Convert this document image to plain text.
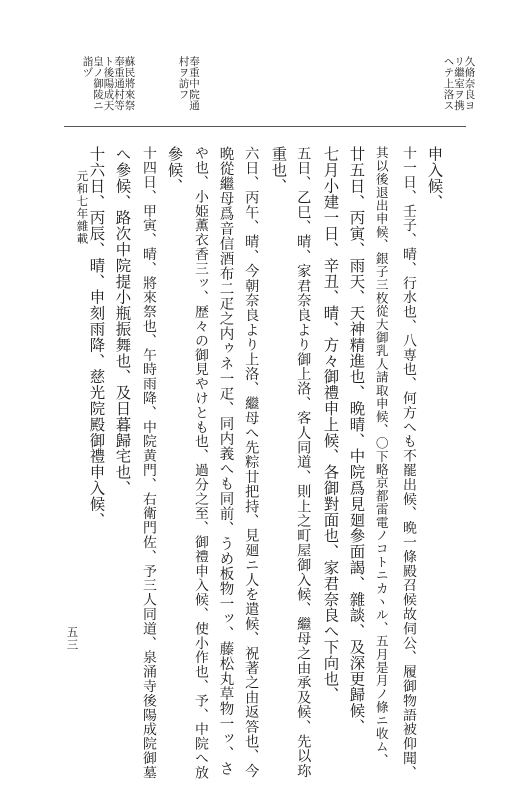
久脩奈良ヨ
リ繼室ヲ携
ヘテ上洛ス
奉重中院通
村ヲ訪フ
蘇民將來祭
奉重通村等
ト後陽成天
皇ノ御陵ニ
詣ヅ
元和七年雜載
五三
申入候、
十一日、壬子、晴、行水也、八専也、何方へも不罷出候、晩一條殿召候故伺公、履御物語被仰聞、
其以後退出申候、銀子三枚從大御乳人請取申候、〇下略京都雷電ノコトニカヽル、五月是月ノ條ニ收ム、
廿五日、丙寅、雨天、天神精進也、晩晴、中院爲見廻參面謁、雜談、及深更歸候、
七月小建一日、辛丑、晴、方々御禮申上候、各御對面也、家君奈良へ下向也、
五日、乙巳、晴、家君奈良より御上洛、客人同道、則上之町屋御入候、繼母之由承及候、先以珎
重也、
六日、丙午、晴、今朝奈良より上洛、繼母へ先粽廿把持、見廻ニ人を遣候、祝著之由返答也、今
晩從繼母爲音信酒布二疋之内ゥネ一疋、同内義へも同前、うめ板物一ッ、藤松丸草物一ッ、さ
や也、小姫薫衣香三ッ、歴々の御見やけとも也、過分之至、御禮申入候、使小作也、予、中院へ放
參候、
十四日、甲寅、晴、將來祭也、午時雨降、中院黄門、右衛門佐、予三人同道、泉涌寺後陽成院御墓
へ參候、路次中院提小瓶振舞也、及日暮歸宅也、
十六日、丙辰、晴、申刻雨降、慈光院殿御禮申入候、
